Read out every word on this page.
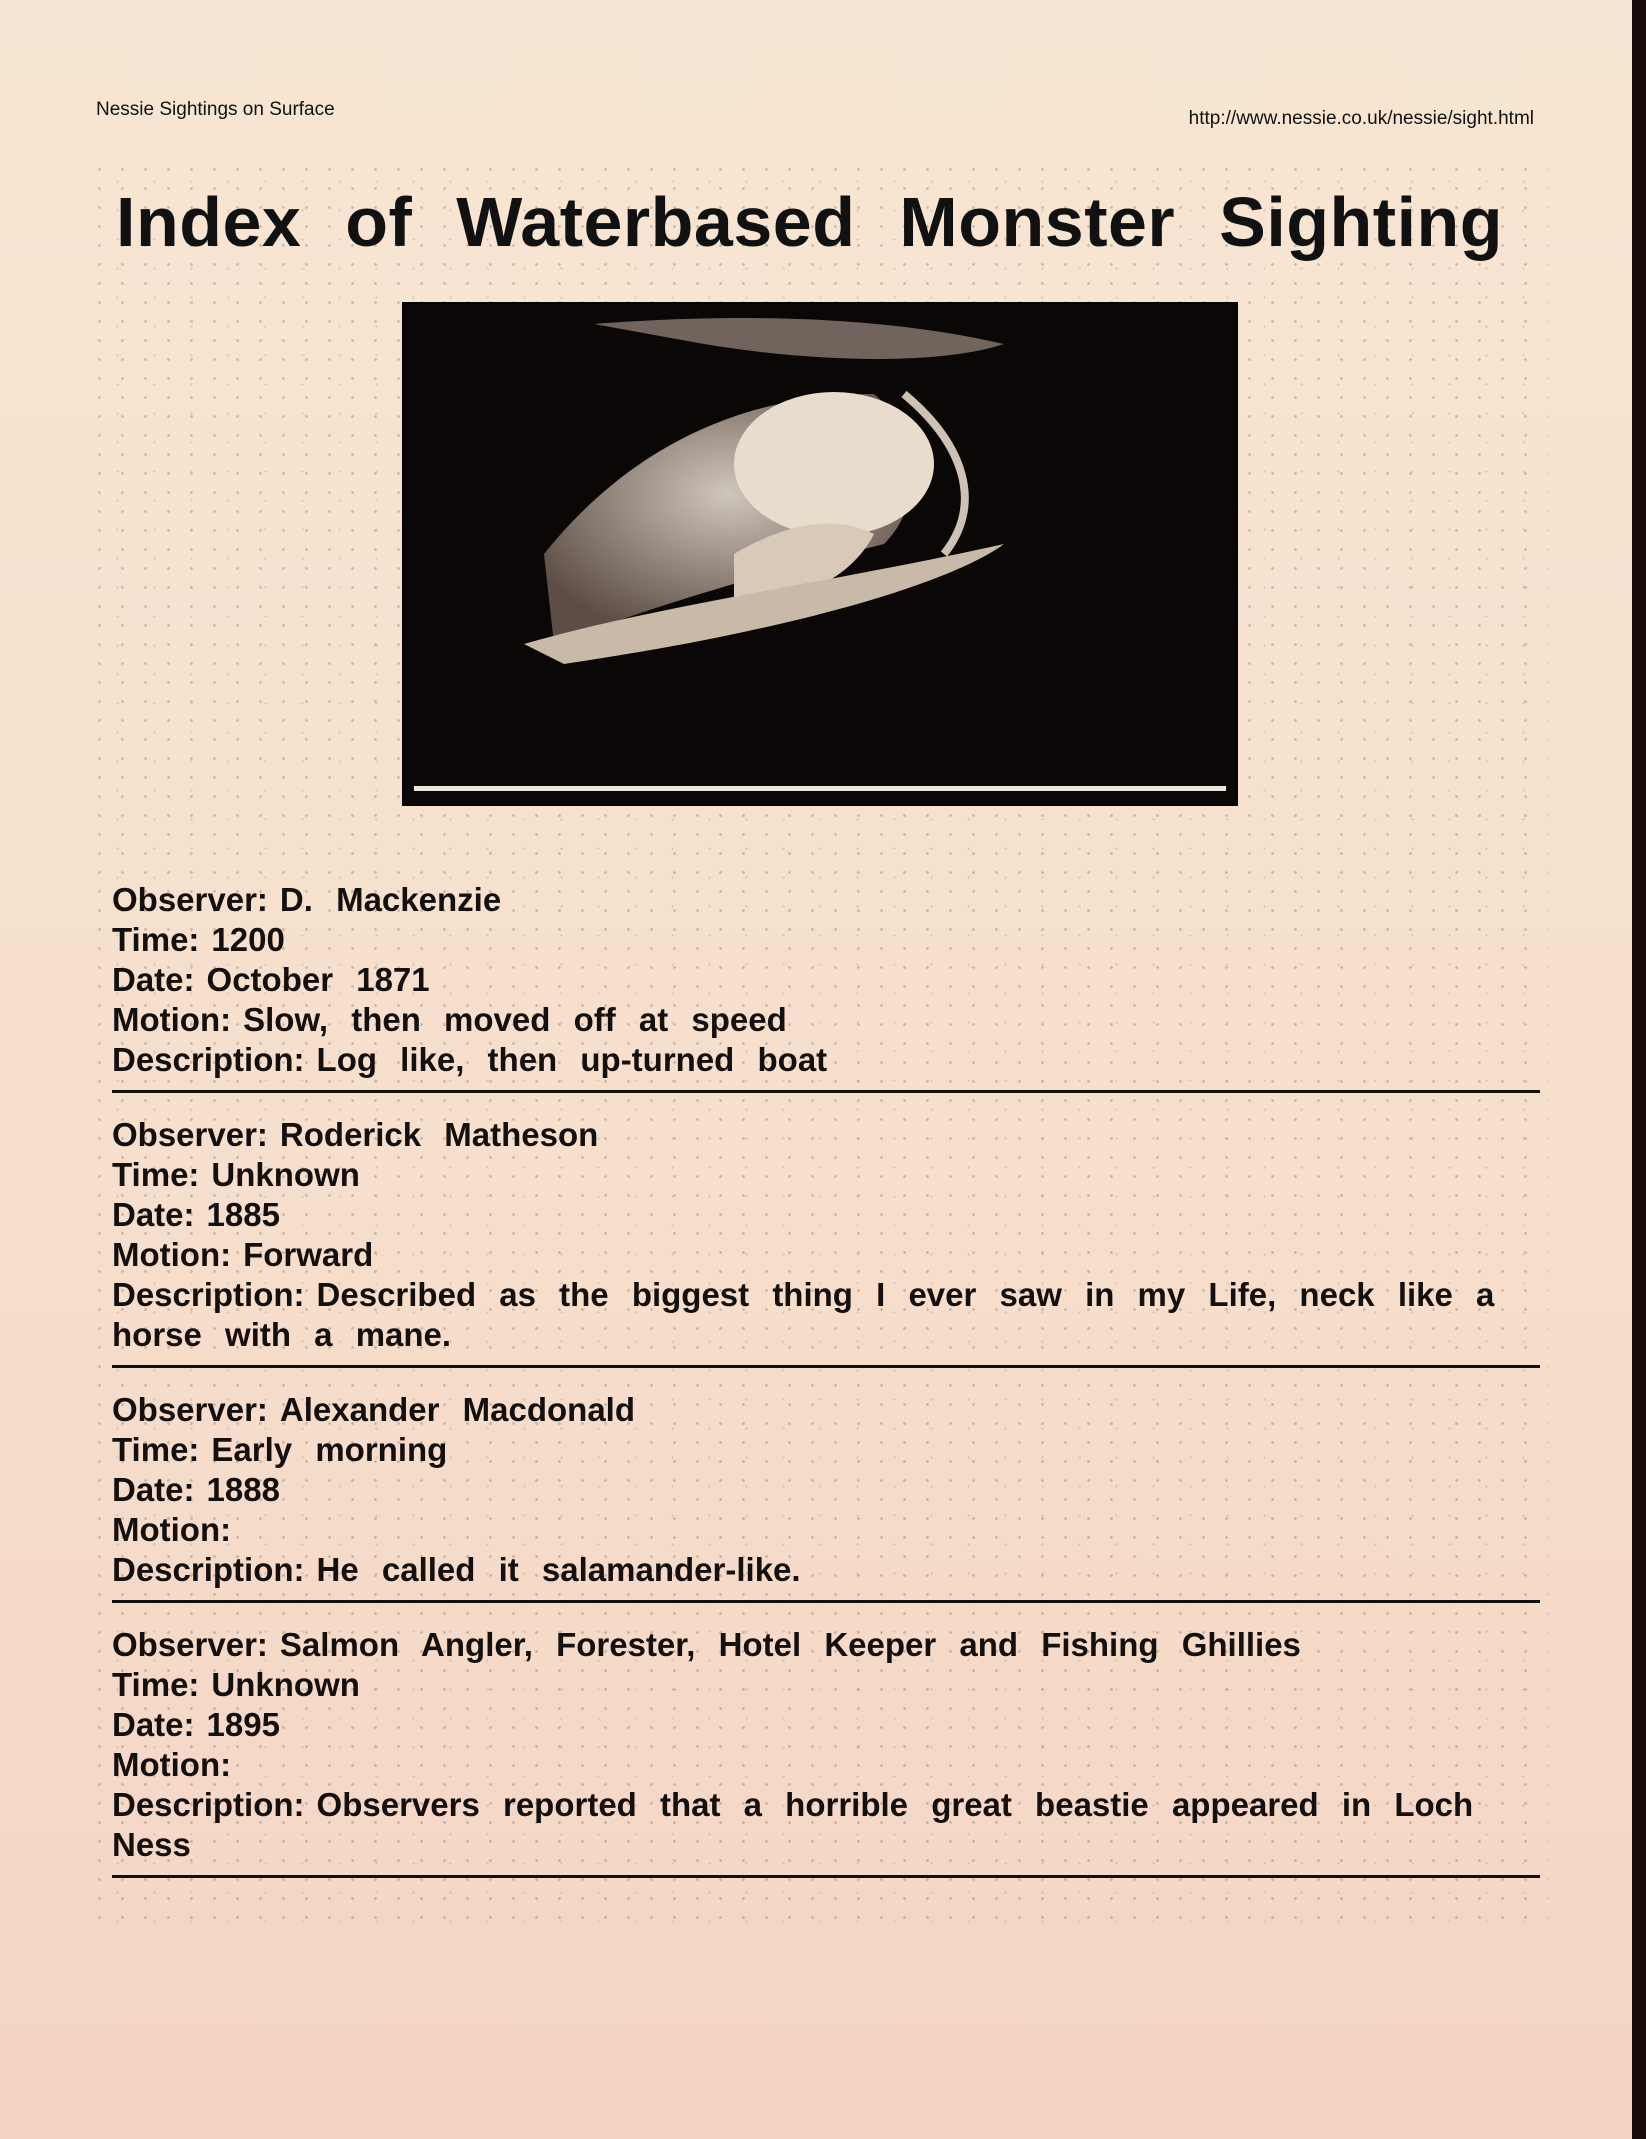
Nessie Sightings on Surface	http://www.nessie.co.uk/nessie/sight.html
Index of Waterbased Monster Sighting
Observer: D. Mackenzie
Time: 1200
Date: October 1871
Motion: Slow, then moved off at speed
Description: Log like, then up-turned boat
Observer: Roderick Matheson
Time: Unknown
Date: 1885
Motion: Forward
Description: Described as the biggest thing I ever saw in my Life, neck like a horse with a mane.
Observer: Alexander Macdonald
Time: Early morning
Date: 1888
Motion:
Description: He called it salamander-like.
Observer: Salmon Angler, Forester, Hotel Keeper and Fishing Ghillies
Time: Unknown
Date: 1895
Motion:
Description: Observers reported that a horrible great beastie appeared in Loch Ness
